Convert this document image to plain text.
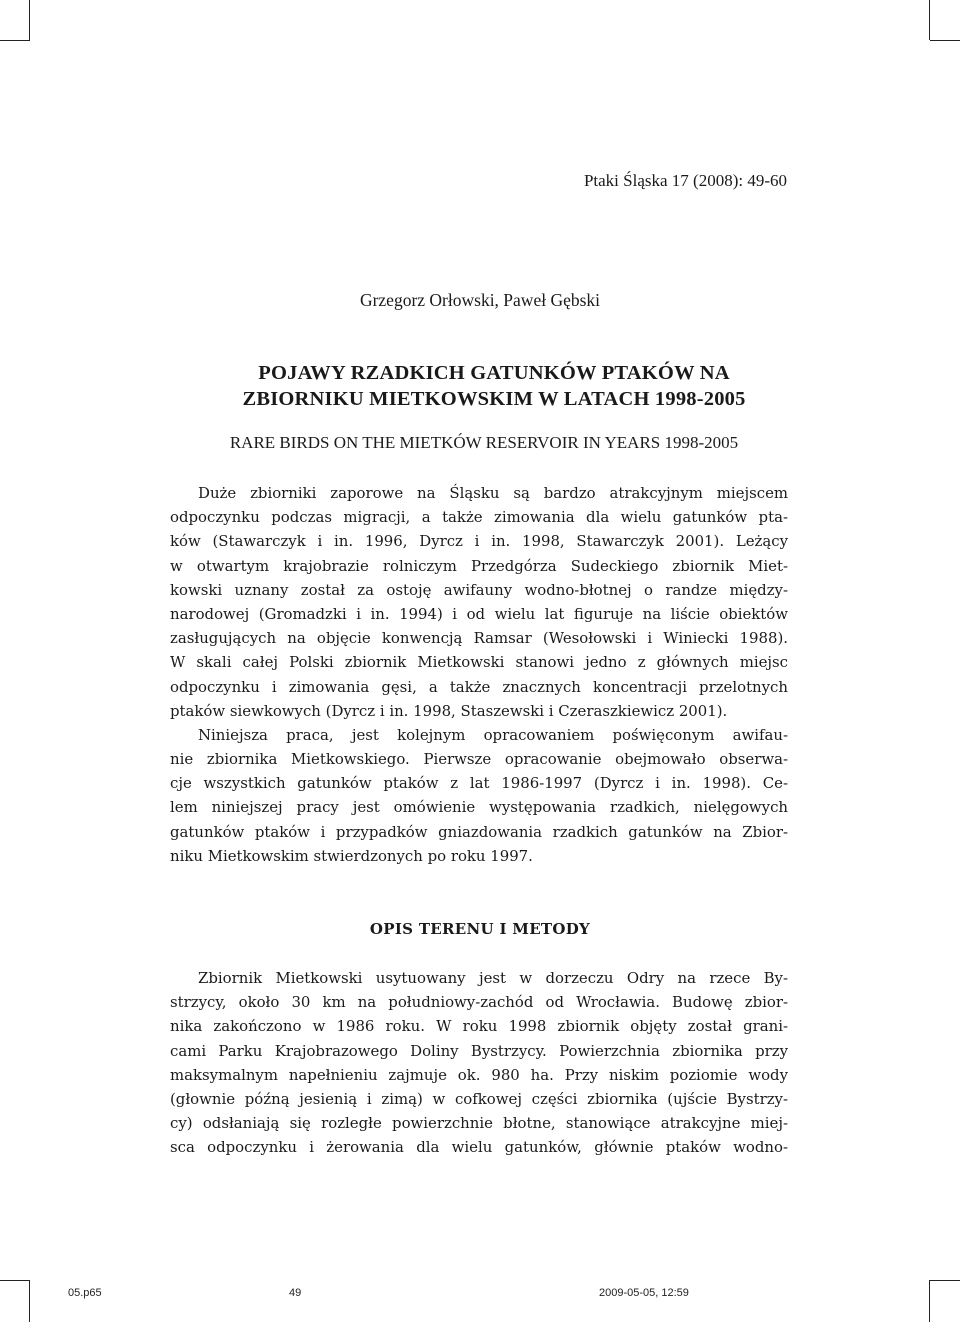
Ptaki Śląska 17 (2008): 49-60
Grzegorz Orłowski, Paweł Gębski
POJAWY RZADKICH GATUNKÓW PTAKÓW NA
ZBIORNIKU MIETKOWSKIM W LATACH 1998-2005
RARE BIRDS ON THE MIETKÓW RESERVOIR IN YEARS 1998-2005
Duże zbiorniki zaporowe na Śląsku są bardzo atrakcyjnym miejscem
odpoczynku podczas migracji, a także zimowania dla wielu gatunków pta-
ków (Stawarczyk i in. 1996, Dyrcz i in. 1998, Stawarczyk 2001). Leżący
w otwartym krajobrazie rolniczym Przedgórza Sudeckiego zbiornik Miet-
kowski uznany został za ostoję awifauny wodno-błotnej o randze między-
narodowej (Gromadzki i in. 1994) i od wielu lat figuruje na liście obiektów
zasługujących na objęcie konwencją Ramsar (Wesołowski i Winiecki 1988).
W skali całej Polski zbiornik Mietkowski stanowi jedno z głównych miejsc
odpoczynku i zimowania gęsi, a także znacznych koncentracji przelotnych
ptaków siewkowych (Dyrcz i in. 1998, Staszewski i Czeraszkiewicz 2001).
Niniejsza praca, jest kolejnym opracowaniem poświęconym awifau-
nie zbiornika Mietkowskiego. Pierwsze opracowanie obejmowało obserwa-
cje wszystkich gatunków ptaków z lat 1986-1997 (Dyrcz i in. 1998). Ce-
lem niniejszej pracy jest omówienie występowania rzadkich, nielęgowych
gatunków ptaków i przypadków gniazdowania rzadkich gatunków na Zbior-
niku Mietkowskim stwierdzonych po roku 1997.
OPIS TERENU I METODY
Zbiornik Mietkowski usytuowany jest w dorzeczu Odry na rzece By-
strzycy, około 30 km na południowy-zachód od Wrocławia. Budowę zbior-
nika zakończono w 1986 roku. W roku 1998 zbiornik objęty został grani-
cami Parku Krajobrazowego Doliny Bystrzycy. Powierzchnia zbiornika przy
maksymalnym napełnieniu zajmuje ok. 980 ha. Przy niskim poziomie wody
(głownie późną jesienią i zimą) w cofkowej części zbiornika (ujście Bystrzy-
cy) odsłaniają się rozległe powierzchnie błotne, stanowiące atrakcyjne miej-
sca odpoczynku i żerowania dla wielu gatunków, głównie ptaków wodno-
05.p65	49	2009-05-05, 12:59
